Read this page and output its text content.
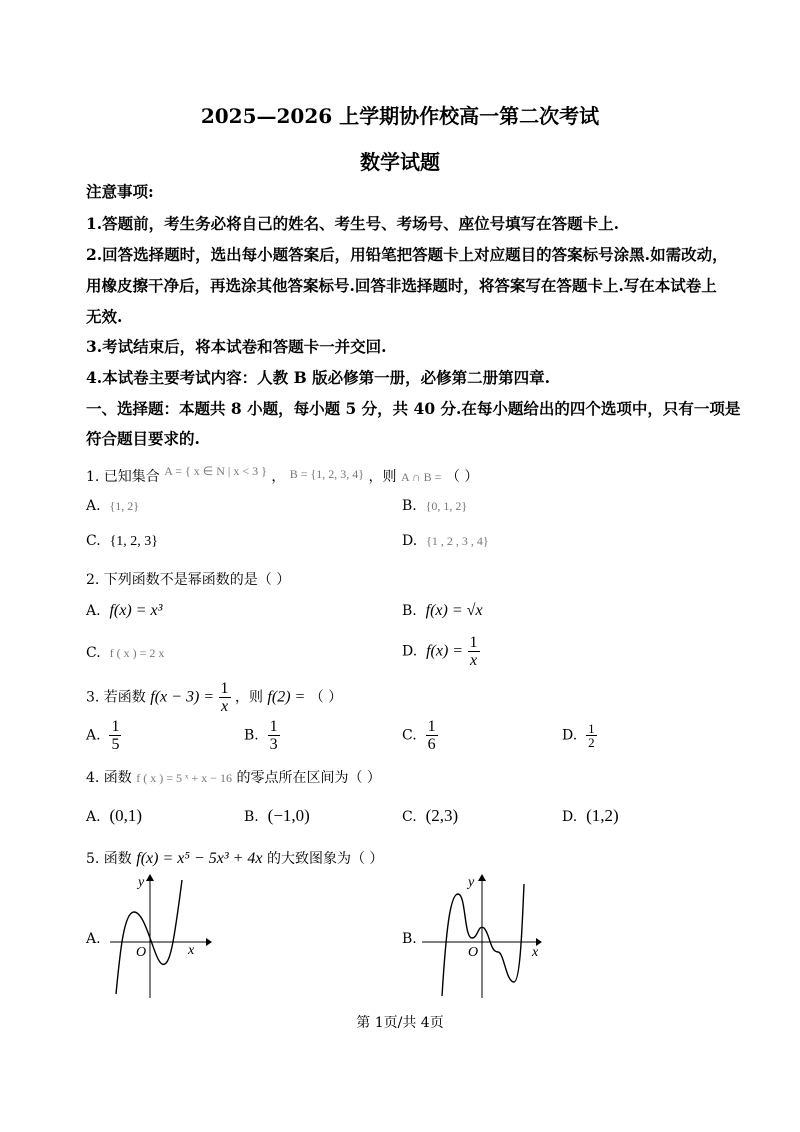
2025—2026 上学期协作校高一第二次考试
数学试题
注意事项:
1.答题前，考生务必将自己的姓名、考生号、考场号、座位号填写在答题卡上.
2.回答选择题时，选出每小题答案后，用铅笔把答题卡上对应题目的答案标号涂黑.如需改动，
用橡皮擦干净后，再选涂其他答案标号.回答非选择题时，将答案写在答题卡上.写在本试卷上
无效.
3.考试结束后，将本试卷和答题卡一并交回.
4.本试卷主要考试内容：人教 B 版必修第一册，必修第二册第四章.
一、选择题：本题共 8 小题，每小题 5 分，共 40 分.在每小题给出的四个选项中，只有一项是
符合题目要求的.
1. 已知集合 A = { x ∈ N | x < 3 } ， B = {1, 2, 3, 4} ，则 A ∩ B = （ ）
A. {1, 2}	B. {0, 1, 2}
C. {1, 2, 3}	D. {1 , 2 , 3 , 4}
2. 下列函数不是幂函数的是（ ）
A. f(x) = x³	B. f(x) = √x
C. f ( x ) = 2 x	D. $f(x) = \frac{1}{x}$
3. 若函数 $f(x - 3) = \frac{1}{x}$ ，则 f(2) = （ ）
A. $\frac{1}{5}$	B. $\frac{1}{3}$	C. $\frac{1}{6}$	D. $\frac{1}{2}$
4. 函数 f ( x ) = 5 ˣ + x − 16 的零点所在区间为（ ）
A. (0,1)	B. (−1,0)	C. (2,3)	D. (1,2)
5. 函数 f(x) = x⁵ − 5x³ + 4x 的大致图象为（ ）
A.
y
x
O
B.
y
x
O
第 1页/共 4页
